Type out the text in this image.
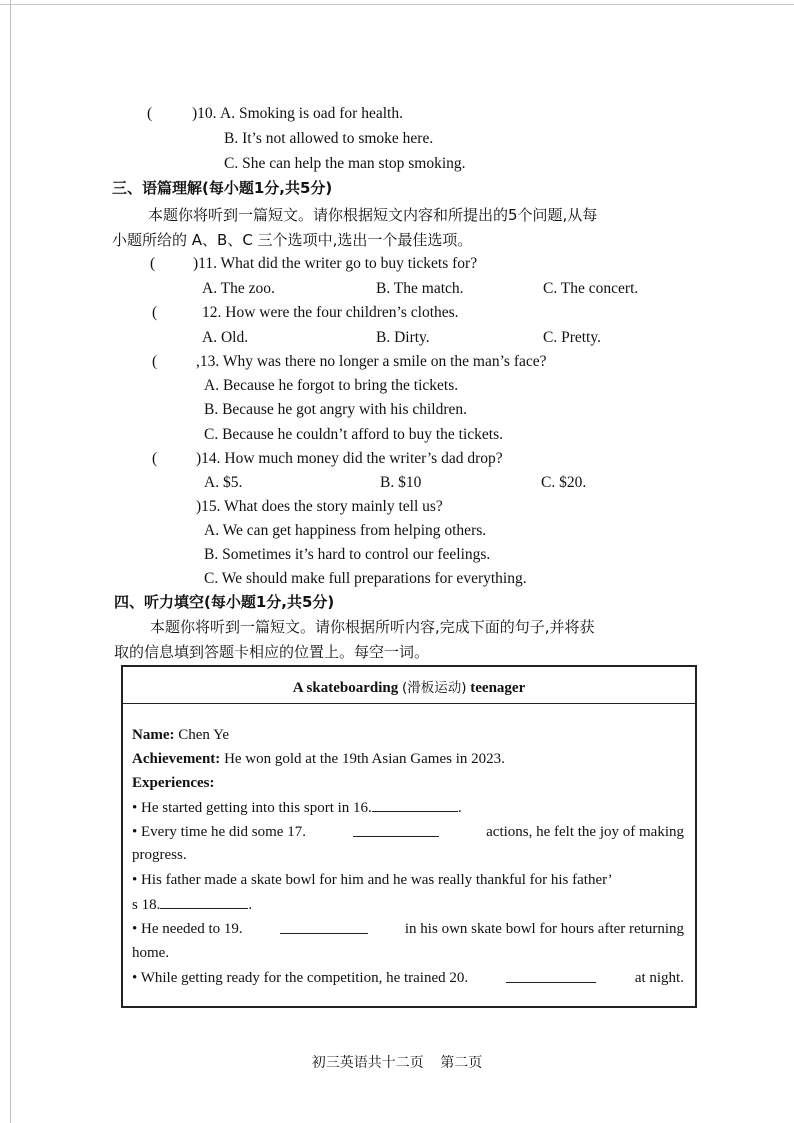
(	)10. A. Smoking is oad for health.
B. It’s not allowed to smoke here.
C. She can help the man stop smoking.
三、语篇理解(每小题1分,共5分)
本题你将听到一篇短文。请你根据短文内容和所提出的5个问题,从每
小题所给的 A、B、C 三个选项中,选出一个最佳选项。
( )11. What did the writer go to buy tickets for?
A. The zoo.	B. The match.	C. The concert.
(	12. How were the four children’s clothes.
A. Old.	B. Dirty.	C. Pretty.
(	,13. Why was there no longer a smile on the man’s face?
A. Because he forgot to bring the tickets.
B. Because he got angry with his children.
C. Because he couldn’t afford to buy the tickets.
(	)14. How much money did the writer’s dad drop?
A. $5.	B. $10	C. $20.
)15. What does the story mainly tell us?
A. We can get happiness from helping others.
B. Sometimes it’s hard to control our feelings.
C. We should make full preparations for everything.
四、听力填空(每小题1分,共5分)
本题你将听到一篇短文。请你根据所听内容,完成下面的句子,并将获
取的信息填到答题卡相应的位置上。每空一词。
A skateboarding (滑板运动) teenager
Name: Chen Ye
Achievement: He won gold at the 19th Asian Games in 2023.
Experiences:
• He started getting into this sport in 16.	.
• Every time he did some 17.	actions, he felt the joy of making
progress.
• His father made a skate bowl for him and he was really thankful for his father’
s 18.	.
• He needed to 19.	in his own skate bowl for hours after returning
home.
• While getting ready for the competition, he trained 20.	at night.
初三英语共十二页 第二页
